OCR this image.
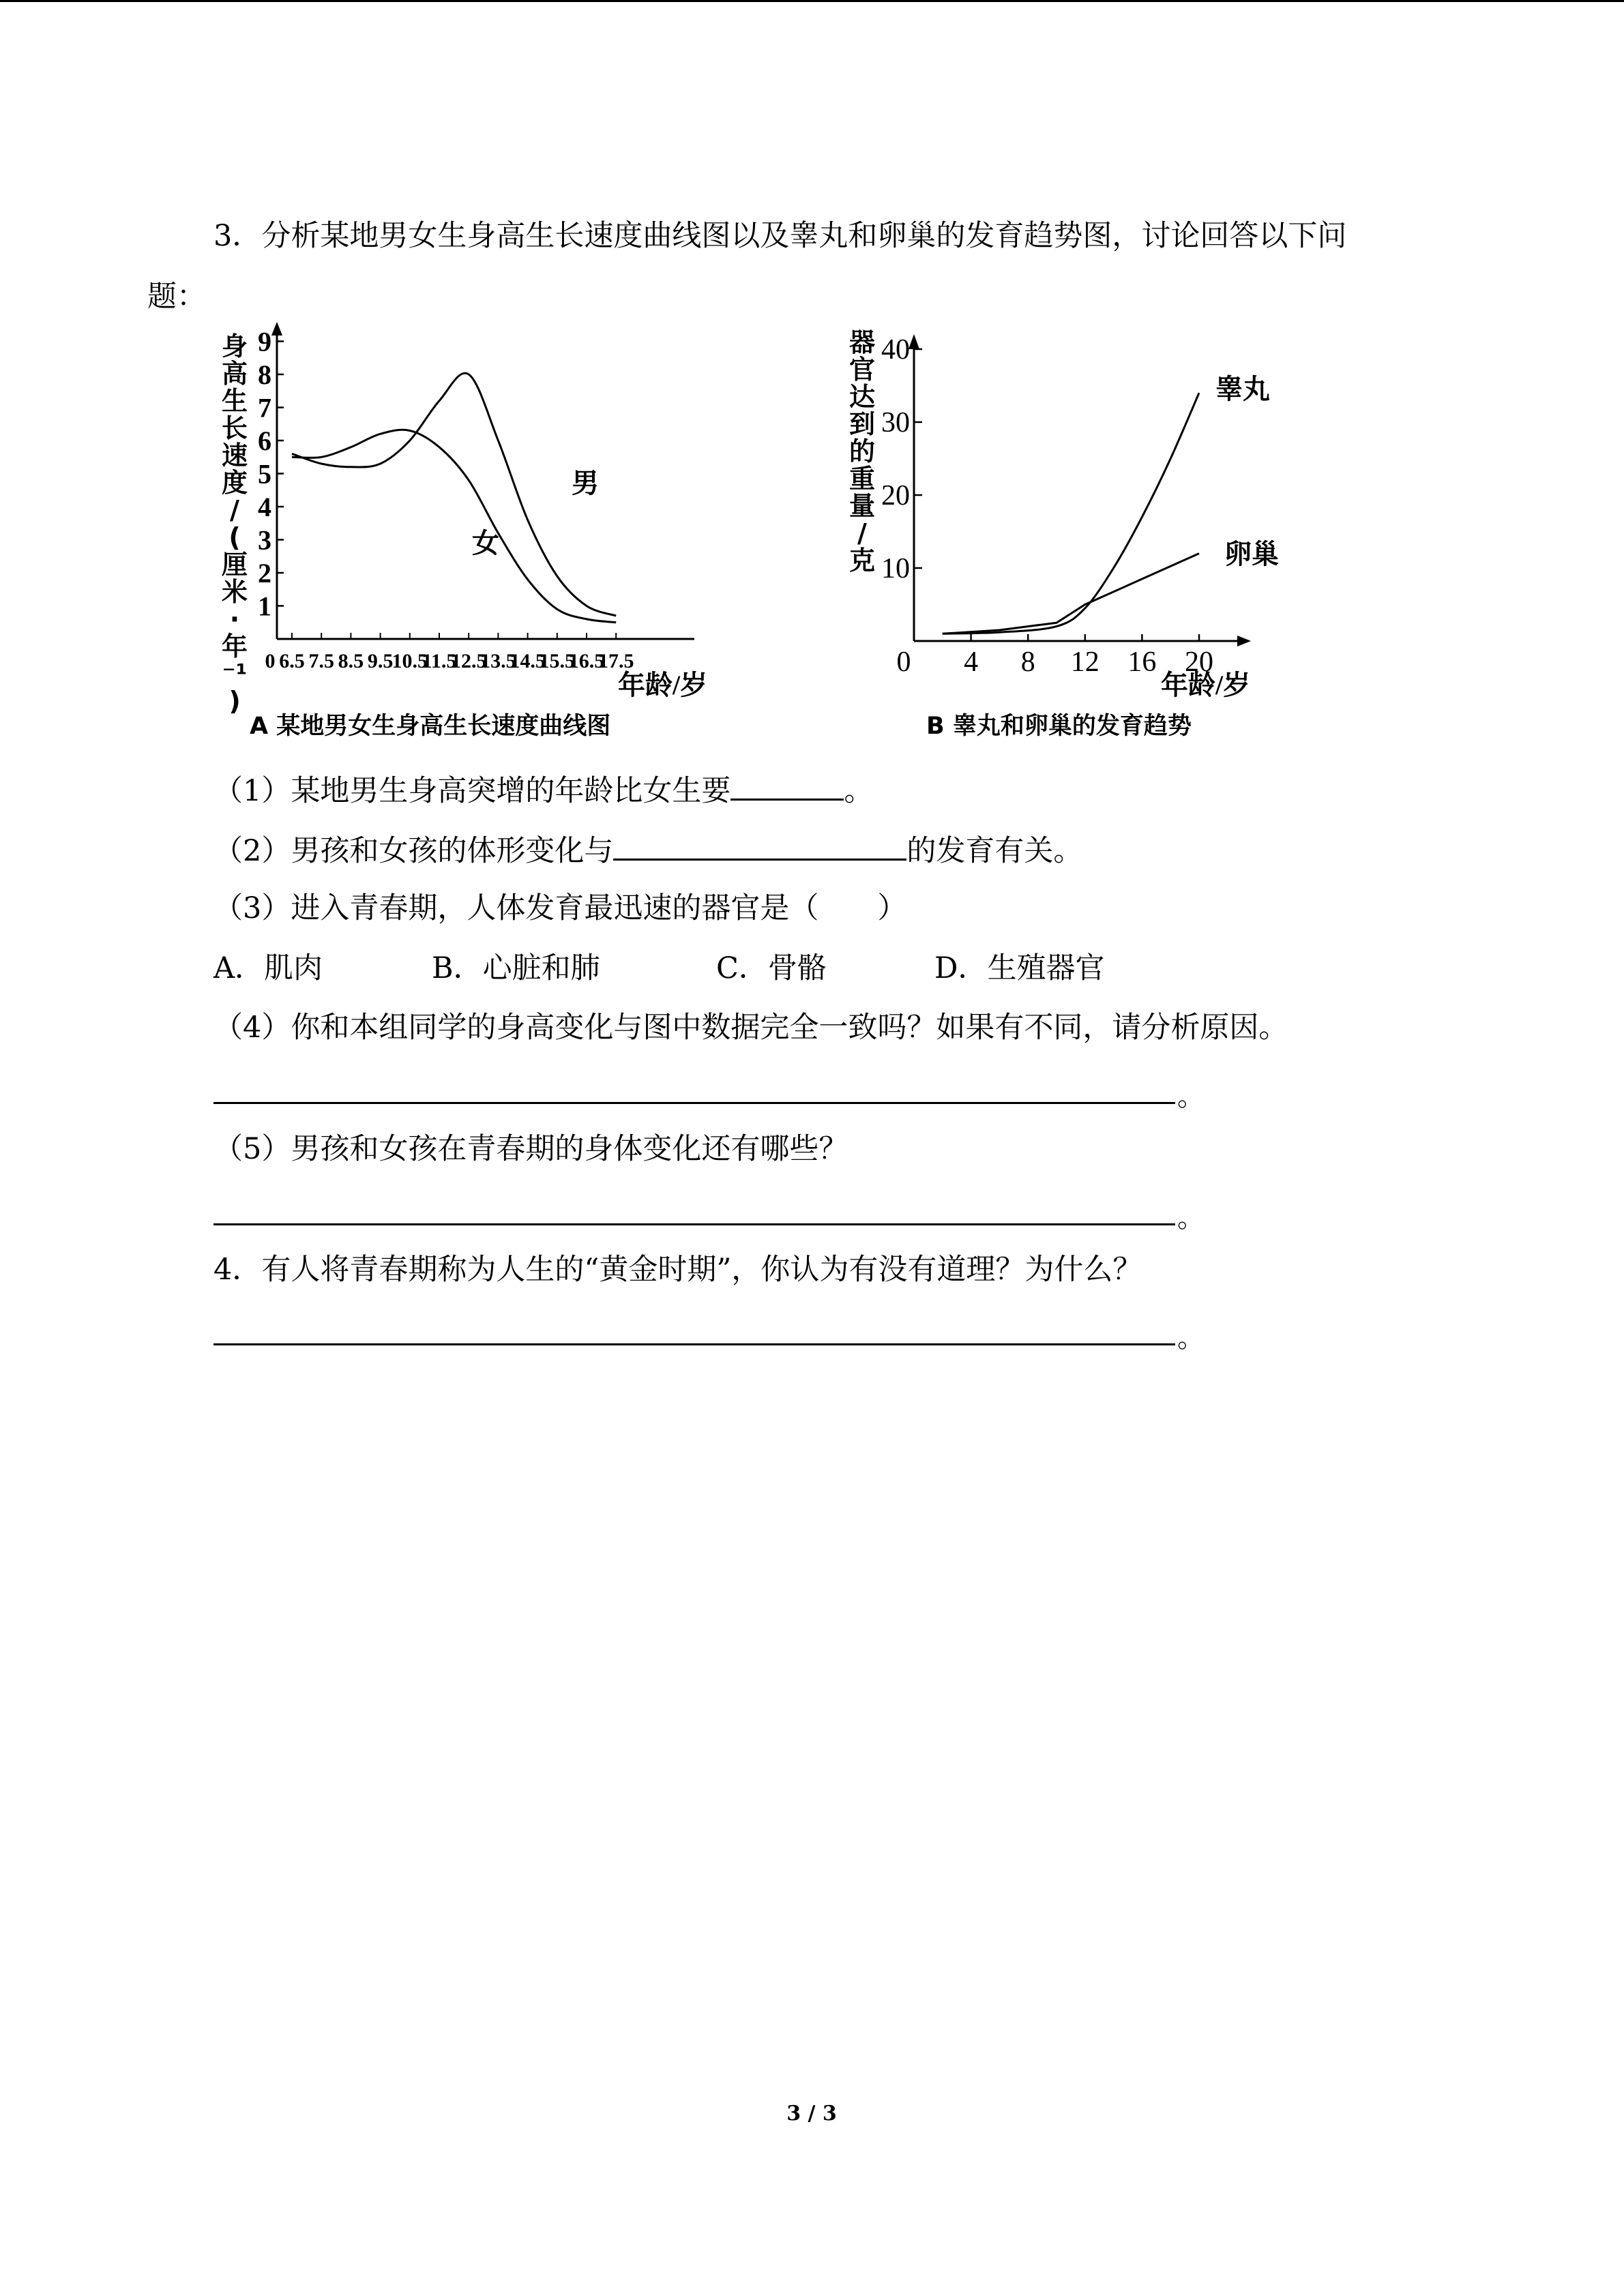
3．分析某地男女生身高生长速度曲线图以及睾丸和卵巢的发育趋势图，讨论回答以下问
题：
身
高
生
长
速
度
/
(
厘
米
·
年
⁻¹
)
1
2
3
4
5
6
7
8
9
0 6.5 7.5 8.5 9.5
10.5
11.5
12.5
13.5
14.5
15.5
16.5
17.5
男
女
年龄/岁
A 某地男女生身高生长速度曲线图
器
官
达
到
的
重
量
/
克 10
20
30
40
0 4 8 12 16 20
睾丸
卵巢
年龄/岁
B 睾丸和卵巢的发育趋势
（1）某地男生身高突增的年龄比女生要	。
（2）男孩和女孩的体形变化与	的发育有关。
（3）进入青春期，人体发育最迅速的器官是（　　）
A．肌肉	B．心脏和肺	C．骨骼	D．生殖器官
（4）你和本组同学的身高变化与图中数据完全一致吗？如果有不同，请分析原因。
。
（5）男孩和女孩在青春期的身体变化还有哪些？
。
4．有人将青春期称为人生的“黄金时期”，你认为有没有道理？为什么？
。
3 / 3
